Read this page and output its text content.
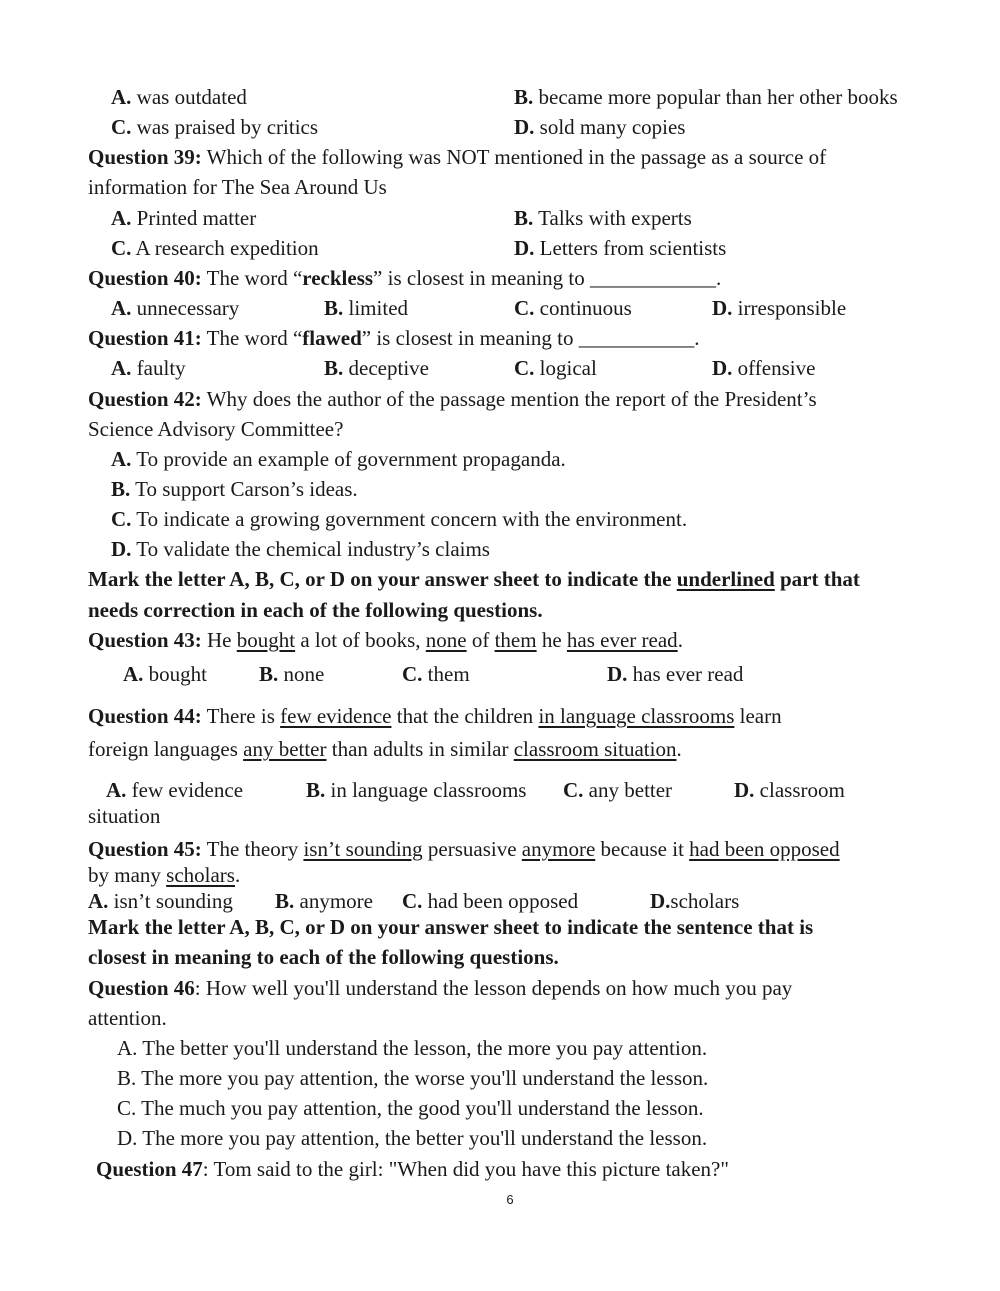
A. was outdated	B. became more popular than her other books
C. was praised by critics	D. sold many copies
Question 39: Which of the following was NOT mentioned in the passage as a source of
information for The Sea Around Us
A. Printed matter	B. Talks with experts
C. A research expedition	D. Letters from scientists
Question 40: The word “reckless” is closest in meaning to ____________.
A. unnecessary	B. limited	C. continuous	D. irresponsible
Question 41: The word “flawed” is closest in meaning to ___________.
A. faulty	B. deceptive	C. logical	D. offensive
Question 42: Why does the author of the passage mention the report of the President’s
Science Advisory Committee?
A. To provide an example of government propaganda.
B. To support Carson’s ideas.
C. To indicate a growing government concern with the environment.
D. To validate the chemical industry’s claims
Mark the letter A, B, C, or D on your answer sheet to indicate the underlined part that
needs correction in each of the following questions.
Question 43: He bought a lot of books, none of them he has ever read.
A. bought B. none	C. them	D. has ever read
Question 44: There is few evidence that the children in language classrooms learn
foreign languages any better than adults in similar classroom situation.
A. few evidence	B. in language classrooms C. any better	D. classroom
situation
Question 45: The theory isn’t sounding persuasive anymore because it had been opposed
by many scholars.
A. isn’t sounding B. anymore C. had been opposed	D.scholars
Mark the letter A, B, C, or D on your answer sheet to indicate the sentence that is
closest in meaning to each of the following questions.
Question 46: How well you'll understand the lesson depends on how much you pay
attention.
A. The better you'll understand the lesson, the more you pay attention.
B. The more you pay attention, the worse you'll understand the lesson.
C. The much you pay attention, the good you'll understand the lesson.
D. The more you pay attention, the better you'll understand the lesson.
Question 47: Tom said to the girl: "When did you have this picture taken?"
6
